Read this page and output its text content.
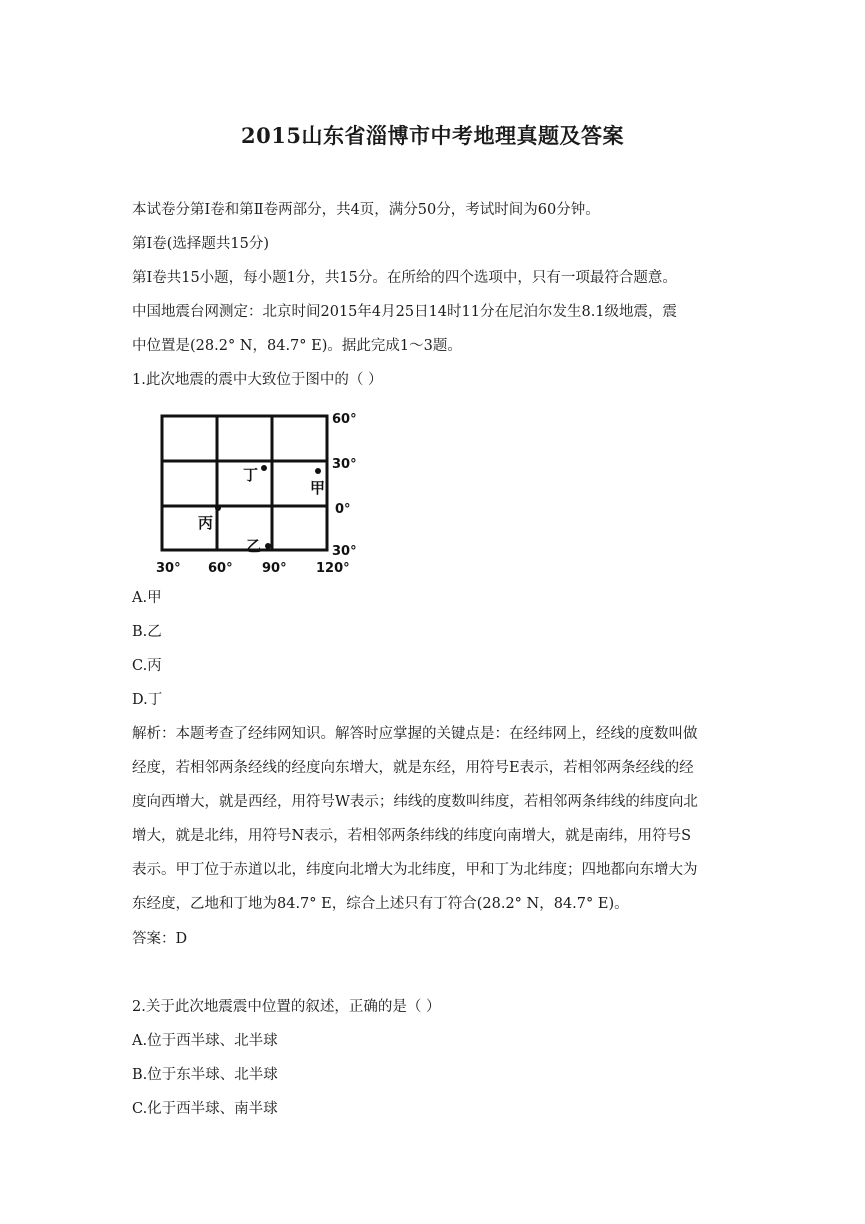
2015山东省淄博市中考地理真题及答案
本试卷分第Ⅰ卷和第Ⅱ卷两部分，共4页，满分50分，考试时间为60分钟。
第Ⅰ卷(选择题共15分)
第Ⅰ卷共15小题，每小题1分，共15分。在所给的四个选项中，只有一项最符合题意。
中国地震台网测定：北京时间2015年4月25日14时11分在尼泊尔发生8.1级地震，震
中位置是(28.2° N，84.7° E)。据此完成1～3题。
1.此次地震的震中大致位于图中的（ ）
甲
乙
丙
丁
60°
30°
0°
30°
30° 60° 90° 120°
A.甲
B.乙
C.丙
D.丁
解析：本题考查了经纬网知识。解答时应掌握的关键点是：在经纬网上，经线的度数叫做
经度，若相邻两条经线的经度向东增大，就是东经，用符号E表示，若相邻两条经线的经
度向西增大，就是西经，用符号W表示；纬线的度数叫纬度，若相邻两条纬线的纬度向北
增大，就是北纬，用符号N表示，若相邻两条纬线的纬度向南增大，就是南纬，用符号S
表示。甲丁位于赤道以北，纬度向北增大为北纬度，甲和丁为北纬度；四地都向东增大为
东经度，乙地和丁地为84.7° E，综合上述只有丁符合(28.2° N，84.7° E)。
答案：D
2.关于此次地震震中位置的叙述，正确的是（ ）
A.位于西半球、北半球
B.位于东半球、北半球
C.化于西半球、南半球
